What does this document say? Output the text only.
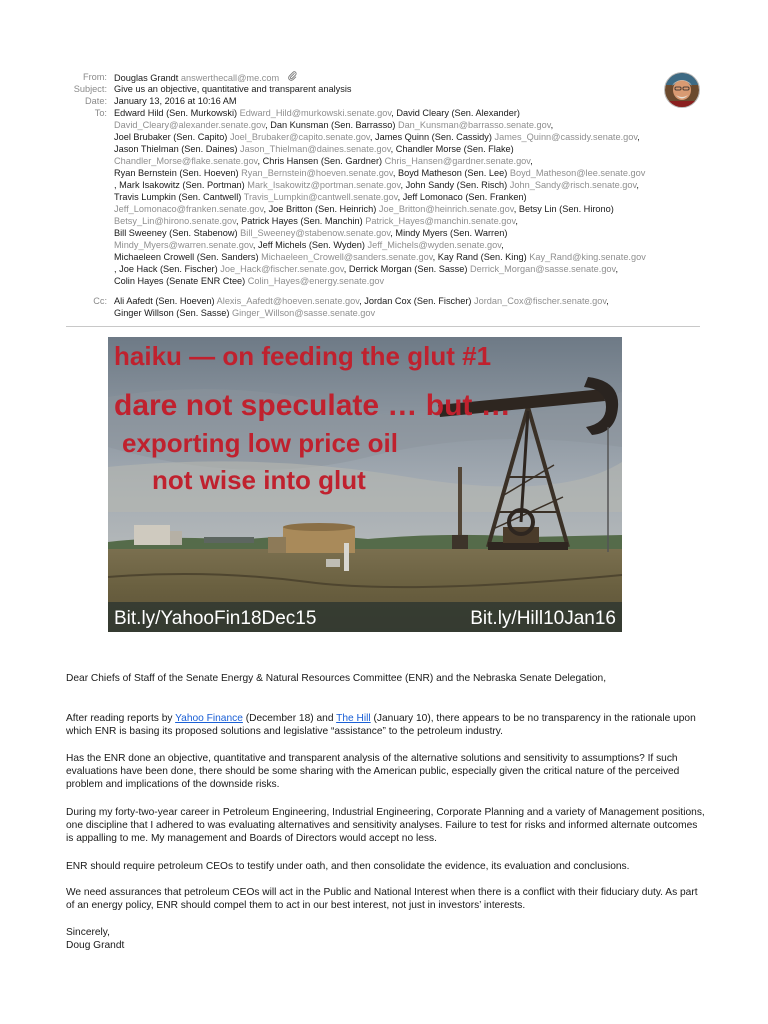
From: Douglas Grandt answerthecall@me.com
Subject: Give us an objective, quantitative and transparent analysis
Date: January 13, 2016 at 10:16 AM
To: Edward Hild (Sen. Murkowski) Edward_Hild@murkowski.senate.gov, David Cleary (Sen. Alexander)
David_Cleary@alexander.senate.gov, Dan Kunsman (Sen. Barrasso) Dan_Kunsman@barrasso.senate.gov,
Joel Brubaker (Sen. Capito) Joel_Brubaker@capito.senate.gov, James Quinn (Sen. Cassidy) James_Quinn@cassidy.senate.gov,
Jason Thielman (Sen. Daines) Jason_Thielman@daines.senate.gov, Chandler Morse (Sen. Flake)
Chandler_Morse@flake.senate.gov, Chris Hansen (Sen. Gardner) Chris_Hansen@gardner.senate.gov,
Ryan Bernstein (Sen. Hoeven) Ryan_Bernstein@hoeven.senate.gov, Boyd Matheson (Sen. Lee) Boyd_Matheson@lee.senate.gov
, Mark Isakowitz (Sen. Portman) Mark_Isakowitz@portman.senate.gov, John Sandy (Sen. Risch) John_Sandy@risch.senate.gov,
Travis Lumpkin (Sen. Cantwell) Travis_Lumpkin@cantwell.senate.gov, Jeff Lomonaco (Sen. Franken)
Jeff_Lomonaco@franken.senate.gov, Joe Britton (Sen. Heinrich) Joe_Britton@heinrich.senate.gov, Betsy Lin (Sen. Hirono)
Betsy_Lin@hirono.senate.gov, Patrick Hayes (Sen. Manchin) Patrick_Hayes@manchin.senate.gov,
Bill Sweeney (Sen. Stabenow) Bill_Sweeney@stabenow.senate.gov, Mindy Myers (Sen. Warren)
Mindy_Myers@warren.senate.gov, Jeff Michels (Sen. Wyden) Jeff_Michels@wyden.senate.gov,
Michaeleen Crowell (Sen. Sanders) Michaeleen_Crowell@sanders.senate.gov, Kay Rand (Sen. King) Kay_Rand@king.senate.gov
, Joe Hack (Sen. Fischer) Joe_Hack@fischer.senate.gov, Derrick Morgan (Sen. Sasse) Derrick_Morgan@sasse.senate.gov,
Colin Hayes (Senate ENR Ctee) Colin_Hayes@energy.senate.gov
Cc: Ali Aafedt (Sen. Hoeven) Alexis_Aafedt@hoeven.senate.gov, Jordan Cox (Sen. Fischer) Jordan_Cox@fischer.senate.gov,
Ginger Willson (Sen. Sasse) Ginger_Willson@sasse.senate.gov
haiku — on feeding the glut #1
dare not speculate … but …
exporting low price oil
not wise into glut
Bit.ly/YahooFin18Dec15	Bit.ly/Hill10Jan16

Dear Chiefs of Staff of the Senate Energy & Natural Resources Committee (ENR) and the Nebraska Senate Delegation,

After reading reports by Yahoo Finance (December 18) and The Hill (January 10), there appears to be no transparency in the rationale upon which ENR is basing its proposed solutions and legislative “assistance” to the petroleum industry.

Has the ENR done an objective, quantitative and transparent analysis of the alternative solutions and sensitivity to assumptions? If such evaluations have been done, there should be some sharing with the American public, especially given the critical nature of the perceived problem and implications of the downside risks.

During my forty-two-year career in Petroleum Engineering, Industrial Engineering, Corporate Planning and a variety of Management positions, one discipline that I adhered to was evaluating alternatives and sensitivity analyses. Failure to test for risks and informed alternate outcomes is appalling to me. My management and Boards of Directors would accept no less.

ENR should require petroleum CEOs to testify under oath, and then consolidate the evidence, its evaluation and conclusions.

We need assurances that petroleum CEOs will act in the Public and National Interest when there is a conflict with their fiduciary duty. As part of an energy policy, ENR should compel them to act in our best interest, not just in investors’ interests.

Sincerely,

Doug Grandt
